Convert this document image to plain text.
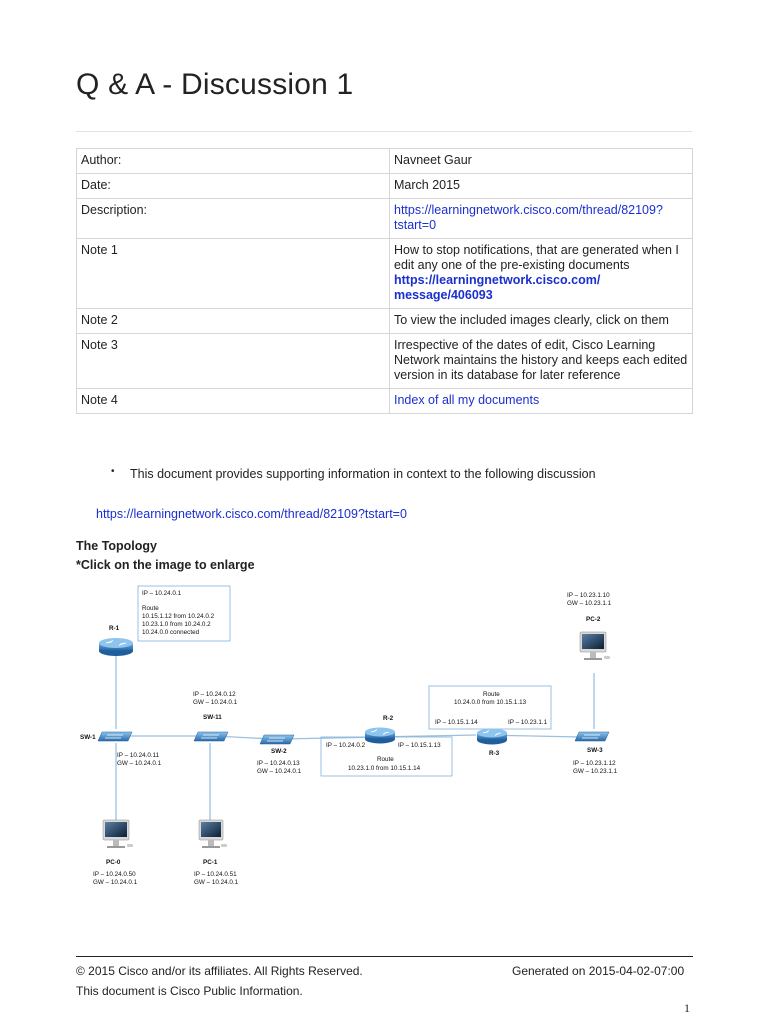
Q & A - Discussion 1
Author:	Navneet Gaur
Date:	March 2015
Description:	https://learningnetwork.cisco.com/thread/82109?
tstart=0
Note 1	How to stop notifications, that are generated when I
edit any one of the pre-existing documents
https://learningnetwork.cisco.com/
message/406093
Note 2	To view the included images clearly, click on them
Note 3	Irrespective of the dates of edit, Cisco Learning
Network maintains the history and keeps each edited
version in its database for later reference
Note 4	Index of all my documents
• This document provides supporting information in context to the following discussion
https://learningnetwork.cisco.com/thread/82109?tstart=0
The Topology
*Click on the image to enlarge
R-1
IP – 10.24.0.1
Route
10.15.1.12 from 10.24.0.2
10.23.1.0 from 10.24.0.2
10.24.0.0 connected
SW-1
IP – 10.24.0.11
GW – 10.24.0.1
IP – 10.24.0.12
GW – 10.24.0.1
SW-11
SW-2
IP – 10.24.0.13
GW – 10.24.0.1
R-2
IP – 10.24.0.2	IP – 10.15.1.13
Route
10.23.1.0 from 10.15.1.14
Route
10.24.0.0 from 10.15.1.13
IP – 10.15.1.14	IP – 10.23.1.1
R-3	SW-3
IP – 10.23.1.12
GW – 10.23.1.1
IP – 10.23.1.10
GW – 10.23.1.1
PC-2
PC-0
IP – 10.24.0.50
GW – 10.24.0.1
PC-1
IP – 10.24.0.51
GW – 10.24.0.1
© 2015 Cisco and/or its affiliates. All Rights Reserved.
This document is Cisco Public Information.
Generated on 2015-04-02-07:00
1
